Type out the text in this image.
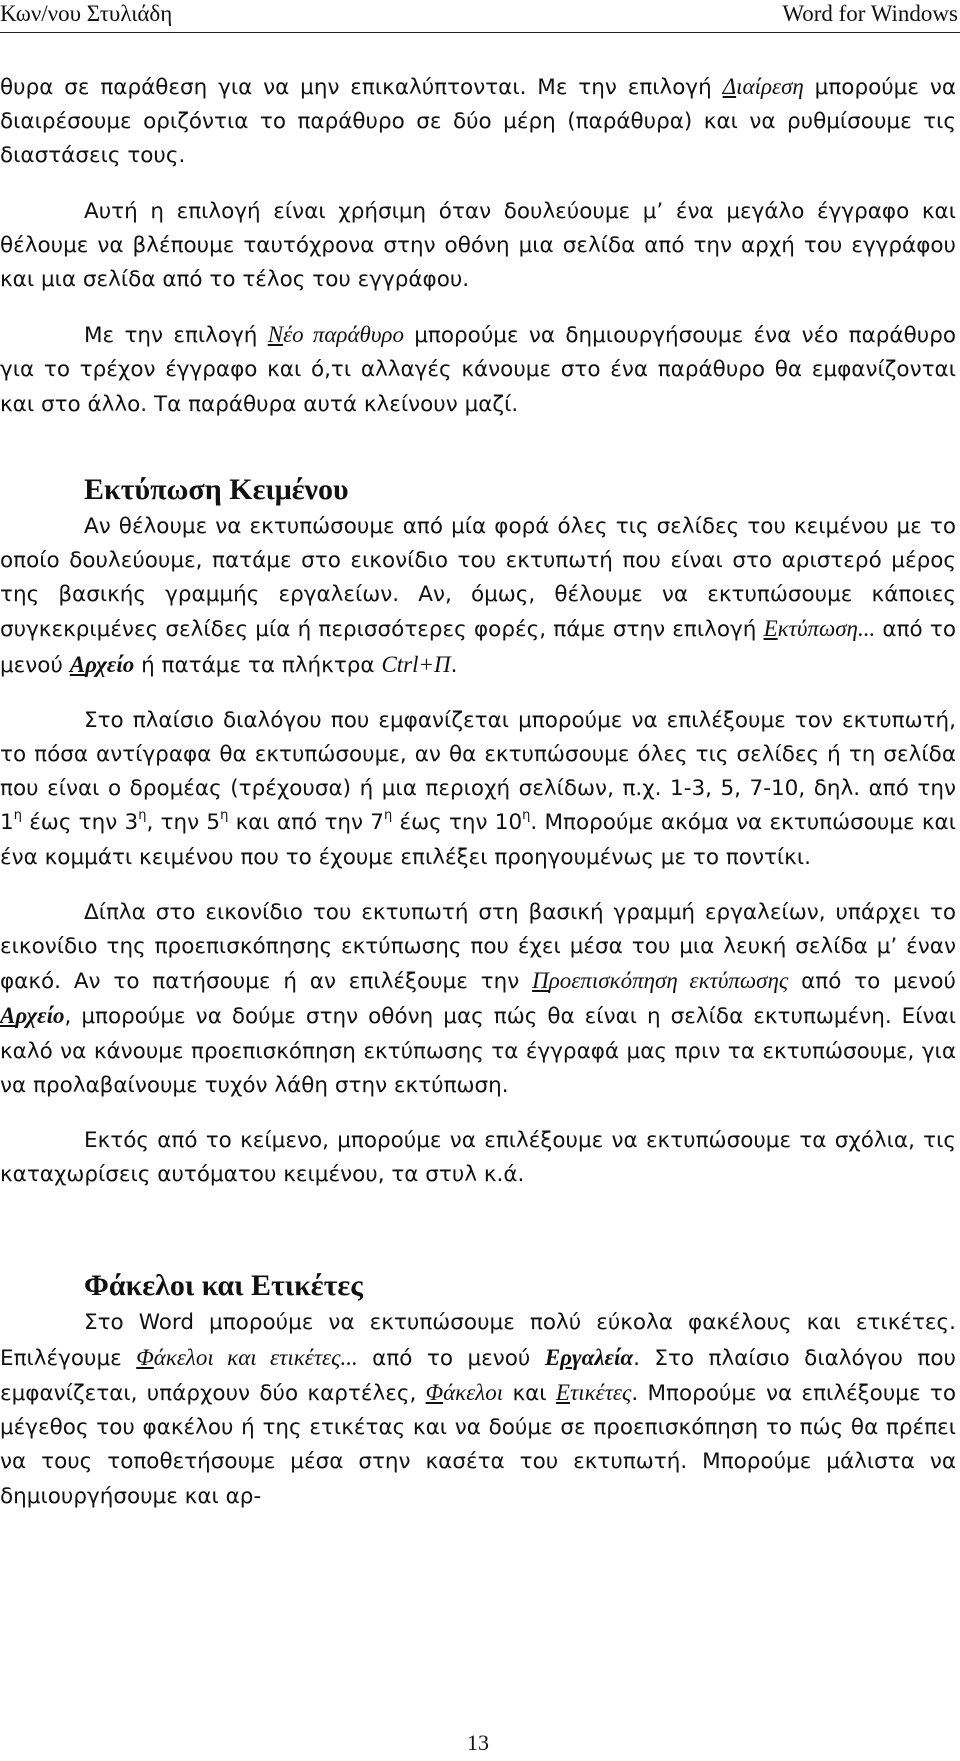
Κων/νου Στυλιάδη	Word for Windows

θυρα σε παράθεση για να μην επικαλύπτονται. Με την επιλογή Διαίρεση μπορούμε να διαιρέσουμε οριζόντια το παράθυρο σε δύο μέρη (παράθυρα) και να ρυθμίσουμε τις διαστάσεις τους.

Αυτή η επιλογή είναι χρήσιμη όταν δουλεύουμε μ’ ένα μεγάλο έγγραφο και θέλουμε να βλέπουμε ταυτόχρονα στην οθόνη μια σελίδα από την αρχή του εγγράφου και μια σελίδα από το τέλος του εγγράφου.

Με την επιλογή Νέο παράθυρο μπορούμε να δημιουργήσουμε ένα νέο παράθυρο για το τρέχον έγγραφο και ό,τι αλλαγές κάνουμε στο ένα παράθυρο θα εμφανίζονται και στο άλλο. Τα παράθυρα αυτά κλείνουν μαζί.

Εκτύπωση Κειμένου

Αν θέλουμε να εκτυπώσουμε από μία φορά όλες τις σελίδες του κειμένου με το οποίο δουλεύουμε, πατάμε στο εικονίδιο του εκτυπωτή που είναι στο αριστερό μέρος της βασικής γραμμής εργαλείων. Αν, όμως, θέλουμε να εκτυπώσουμε κάποιες συγκεκριμένες σελίδες μία ή περισσότερες φορές, πάμε στην επιλογή Εκτύπωση... από το μενού Αρχείο ή πατάμε τα πλήκτρα Ctrl+Π.

Στο πλαίσιο διαλόγου που εμφανίζεται μπορούμε να επιλέξουμε τον εκτυπωτή, το πόσα αντίγραφα θα εκτυπώσουμε, αν θα εκτυπώσουμε όλες τις σελίδες ή τη σελίδα που είναι ο δρομέας (τρέχουσα) ή μια περιοχή σελίδων, π.χ. 1-3, 5, 7-10, δηλ. από την $1^\eta$ έως την $3^\eta$, την $5^\eta$ και από την $7^\eta$ έως την $10^\eta$. Μπορούμε ακόμα να εκτυπώσουμε και ένα κομμάτι κειμένου που το έχουμε επιλέξει προηγουμένως με το ποντίκι.

Δίπλα στο εικονίδιο του εκτυπωτή στη βασική γραμμή εργαλείων, υπάρχει το εικονίδιο της προεπισκόπησης εκτύπωσης που έχει μέσα του μια λευκή σελίδα μ’ έναν φακό. Αν το πατήσουμε ή αν επιλέξουμε την Προεπισκόπηση εκτύπωσης από το μενού Αρχείο, μπορούμε να δούμε στην οθόνη μας πώς θα είναι η σελίδα εκτυπωμένη. Είναι καλό να κάνουμε προεπισκόπηση εκτύπωσης τα έγγραφά μας πριν τα εκτυπώσουμε, για να προλαβαίνουμε τυχόν λάθη στην εκτύπωση.

Εκτός από το κείμενο, μπορούμε να επιλέξουμε να εκτυπώσουμε τα σχόλια, τις καταχωρίσεις αυτόματου κειμένου, τα στυλ κ.ά.

Φάκελοι και Ετικέτες

Στο Word μπορούμε να εκτυπώσουμε πολύ εύκολα φακέλους και ετικέτες. Επιλέγουμε Φάκελοι και ετικέτες... από το μενού Εργαλεία. Στο πλαίσιο διαλόγου που εμφανίζεται, υπάρχουν δύο καρτέλες, Φάκελοι και Ετικέτες. Μπορούμε να επιλέξουμε το μέγεθος του φακέλου ή της ετικέτας και να δούμε σε προεπισκόπηση το πώς θα πρέπει να τους τοποθετήσουμε μέσα στην κασέτα του εκτυπωτή. Μπορούμε μάλιστα να δημιουργήσουμε και αρ-

13
